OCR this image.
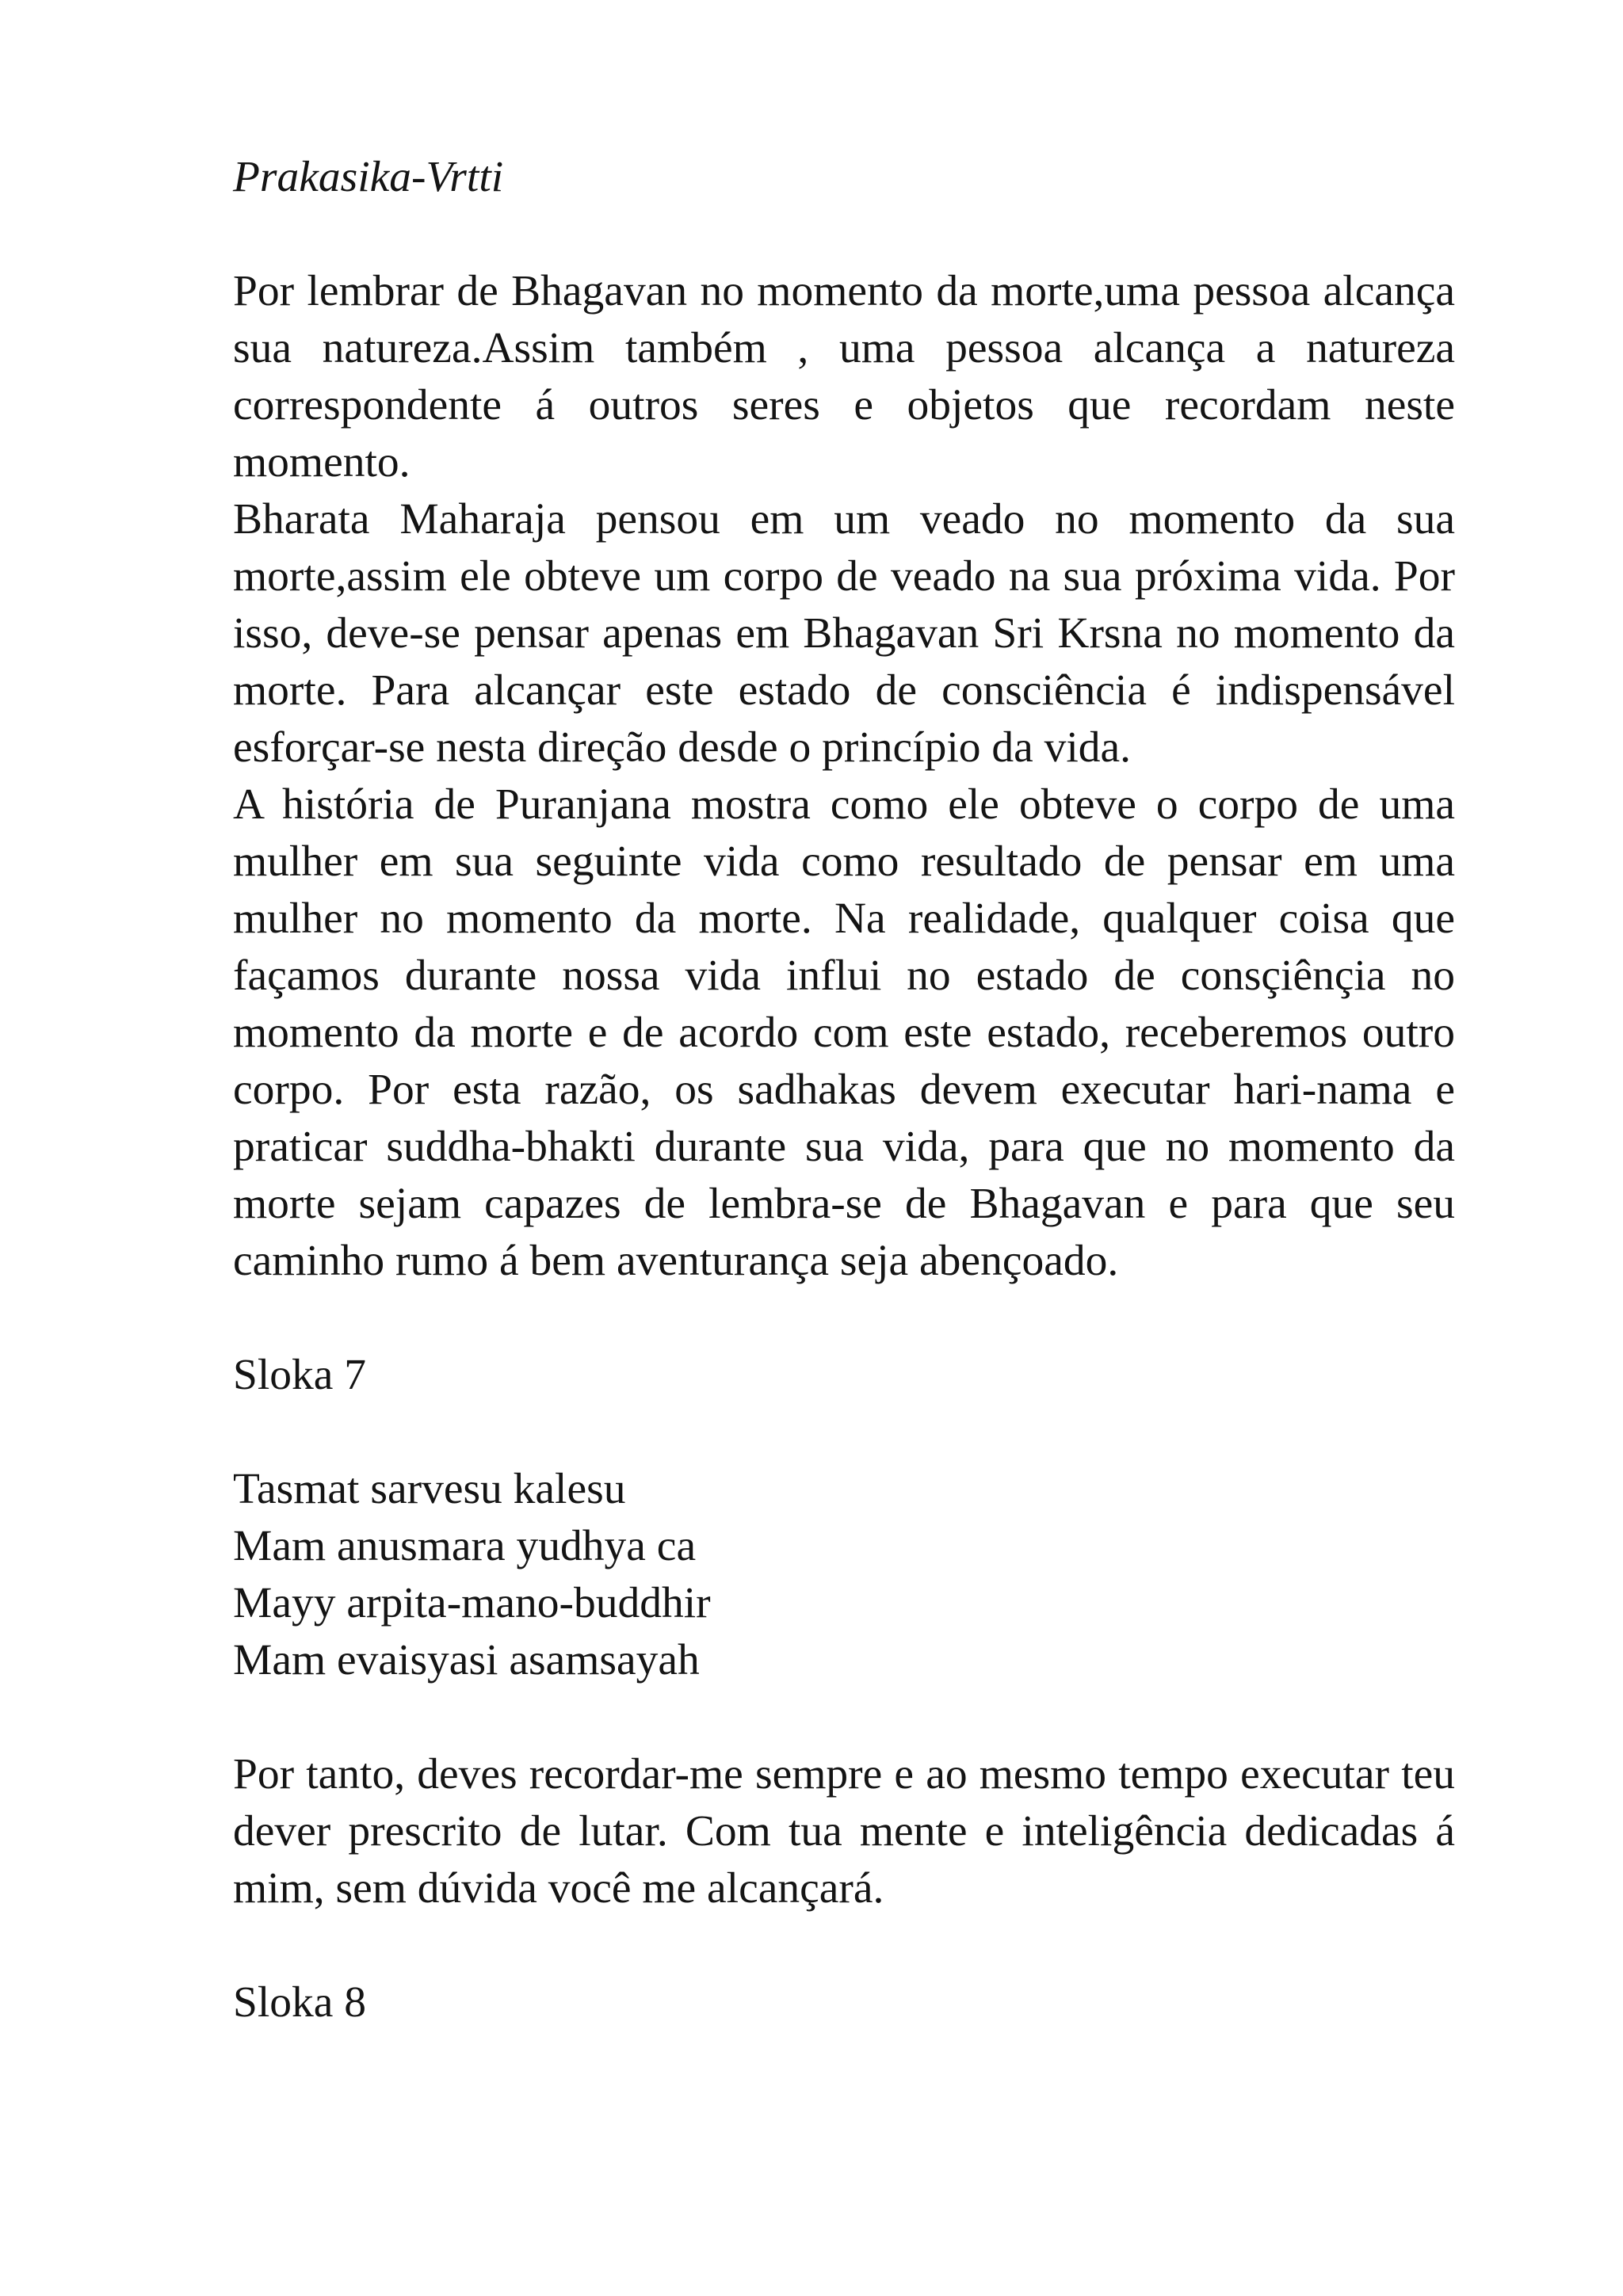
Prakasika-Vrtti

Por lembrar de Bhagavan no momento da morte,uma pessoa alcança sua natureza.Assim também , uma pessoa alcança a natureza correspondente á outros seres e objetos que recordam neste momento.

Bharata Maharaja pensou em um veado no momento da sua morte,assim ele obteve um corpo de veado na sua próxima vida. Por isso, deve-se pensar apenas em Bhagavan Sri Krsna no momento da morte. Para alcançar este estado de consciência é indispensável esforçar-se nesta direção desde o princípio da vida.

A história de Puranjana mostra como ele obteve o corpo de uma mulher em sua seguinte vida como resultado de pensar em uma mulher no momento da morte. Na realidade, qualquer coisa que façamos durante nossa vida influi no estado de consçiênçia no momento da morte e de acordo com este estado, receberemos outro corpo. Por esta razão, os sadhakas devem executar hari-nama e praticar suddha-bhakti durante sua vida, para que no momento da morte sejam capazes de lembra-se de Bhagavan e para que seu caminho rumo á bem aventurança seja abençoado.

Sloka 7
Tasmat sarvesu kalesu
Mam anusmara yudhya ca
Mayy arpita-mano-buddhir
Mam evaisyasi asamsayah

Por tanto, deves recordar-me sempre e ao mesmo tempo executar teu dever prescrito de lutar. Com tua mente e inteligência dedicadas á mim, sem dúvida você me alcançará.

Sloka 8
